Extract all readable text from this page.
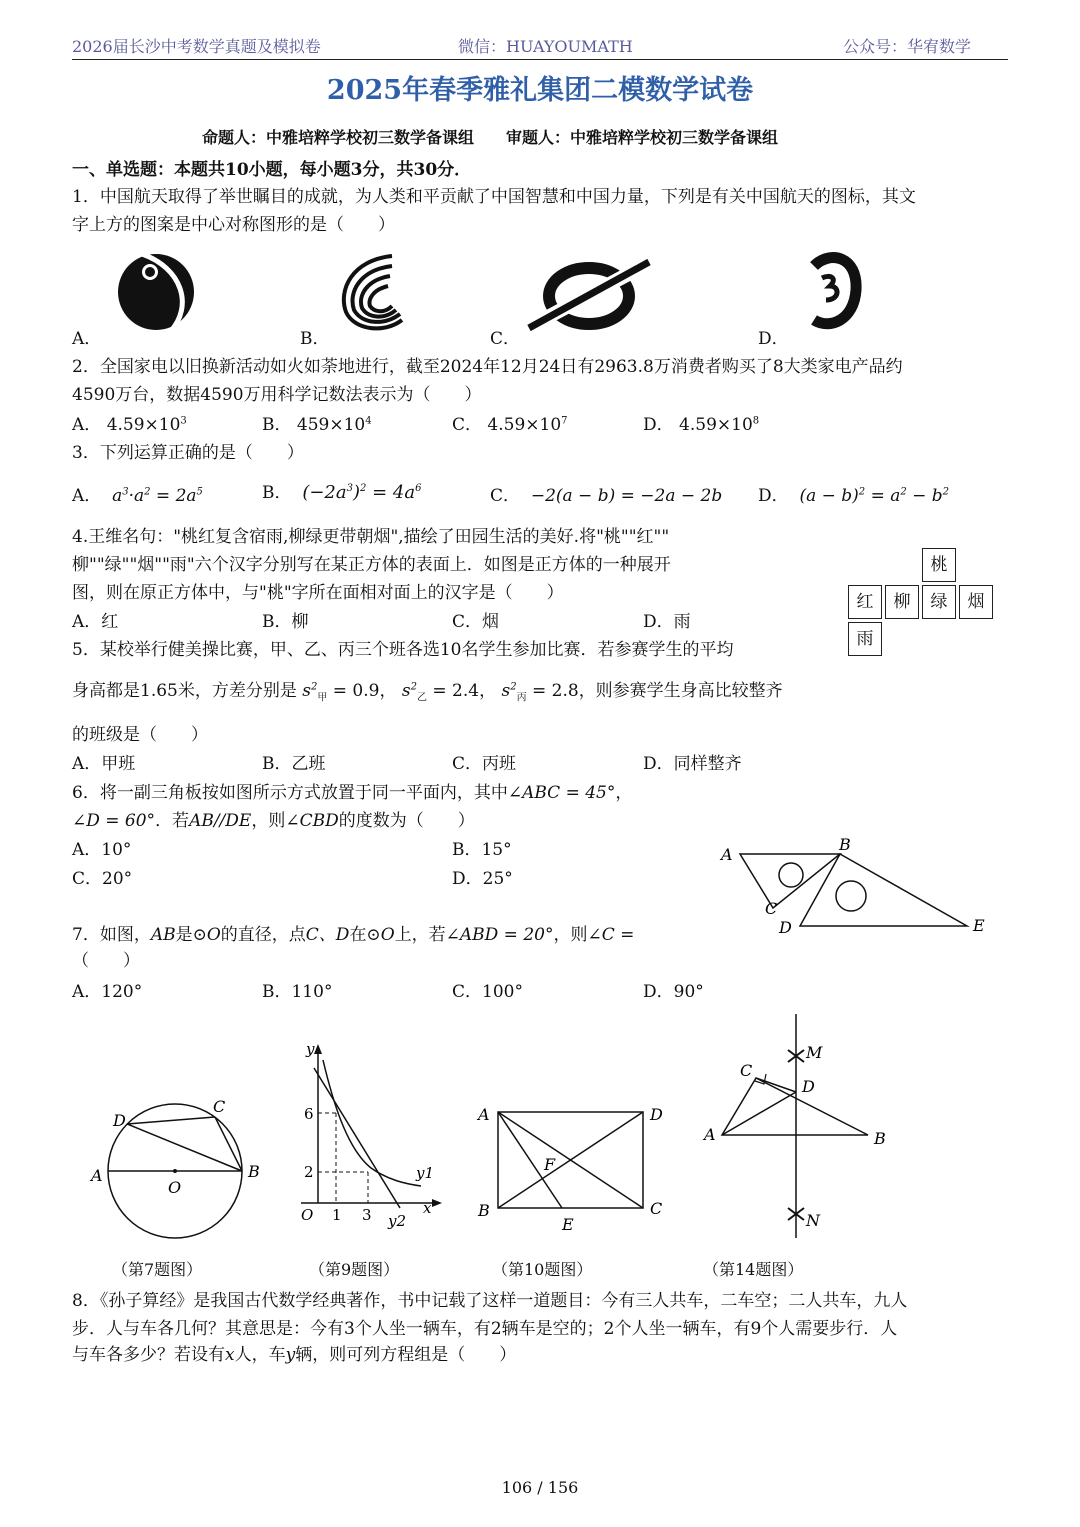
2026届长沙中考数学真题及模拟卷	微信：HUAYOUMATH	公众号：华宥数学
2025年春季雅礼集团二模数学试卷
命题人：中雅培粹学校初三数学备课组　　审题人：中雅培粹学校初三数学备课组
一、单选题：本题共10小题，每小题3分，共30分．
1．中国航天取得了举世瞩目的成就，为人类和平贡献了中国智慧和中国力量，下列是有关中国航天的图标，其文
字上方的图案是中心对称图形的是（　　）
A．	B．	C．	D．
2．全国家电以旧换新活动如火如荼地进行，截至2024年12月24日有2963.8万消费者购买了8大类家电产品约
4590万台，数据4590万用科学记数法表示为（　　）
A． $4.59\times 10^3$	B． $459\times 10^4$	C． $4.59\times 10^7$	D． $4.59\times 10^8$
3．下列运算正确的是（　　）
A． $a^3\cdot a^2 = 2a^5$	B． $(-2a^3)^2 = 4a^6$	C． −2(a − b) = −2a − 2b D． $(a - b)^2 = a^2 - b^2$
4.王维名句："桃红复含宿雨,柳绿更带朝烟",描绘了田园生活的美好.将"桃""红""
柳""绿""烟""雨"六个汉字分别写在某正方体的表面上．如图是正方体的一种展开
图，则在原正方体中，与"桃"字所在面相对面上的汉字是（　　）
A．红	B．柳	C．烟	D．雨
桃
红	柳	绿	烟
雨
5．某校举行健美操比赛，甲、乙、丙三个班各选10名学生参加比赛．若参赛学生的平均
身高都是1.65米，方差分别是 $s^2_甲 = 0.9$， $s^2_乙 = 2.4$， $s^2_丙 = 2.8$，则参赛学生身高比较整齐
的班级是（　　）
A．甲班	B．乙班	C．丙班	D．同样整齐
6．将一副三角板按如图所示方式放置于同一平面内，其中∠ABC = 45°，
∠D = 60°．若AB//DE，则∠CBD的度数为（　　）
A．10°	B．15°
C．20°	D．25°
A
B
C
D	E
7．如图，AB是⊙O的直径，点C、D在⊙O上，若∠ABD = 20°，则∠C =
（　　）
A．120°	B．110°	C．100°	D．90°
D
C
A
O
B
（第7题图）
y
6
2
O 1 3	x
y1
y2
（第9题图）
A	D
F
B
E
C
（第10题图）
M
C
D
A	B
N
（第14题图）
8．《孙子算经》是我国古代数学经典著作，书中记载了这样一道题目：今有三人共车，二车空；二人共车，九人
步．人与车各几何？其意思是：今有3个人坐一辆车，有2辆车是空的；2个人坐一辆车，有9个人需要步行．人
与车各多少？若设有x人，车y辆，则可列方程组是（　　）
106 / 156
